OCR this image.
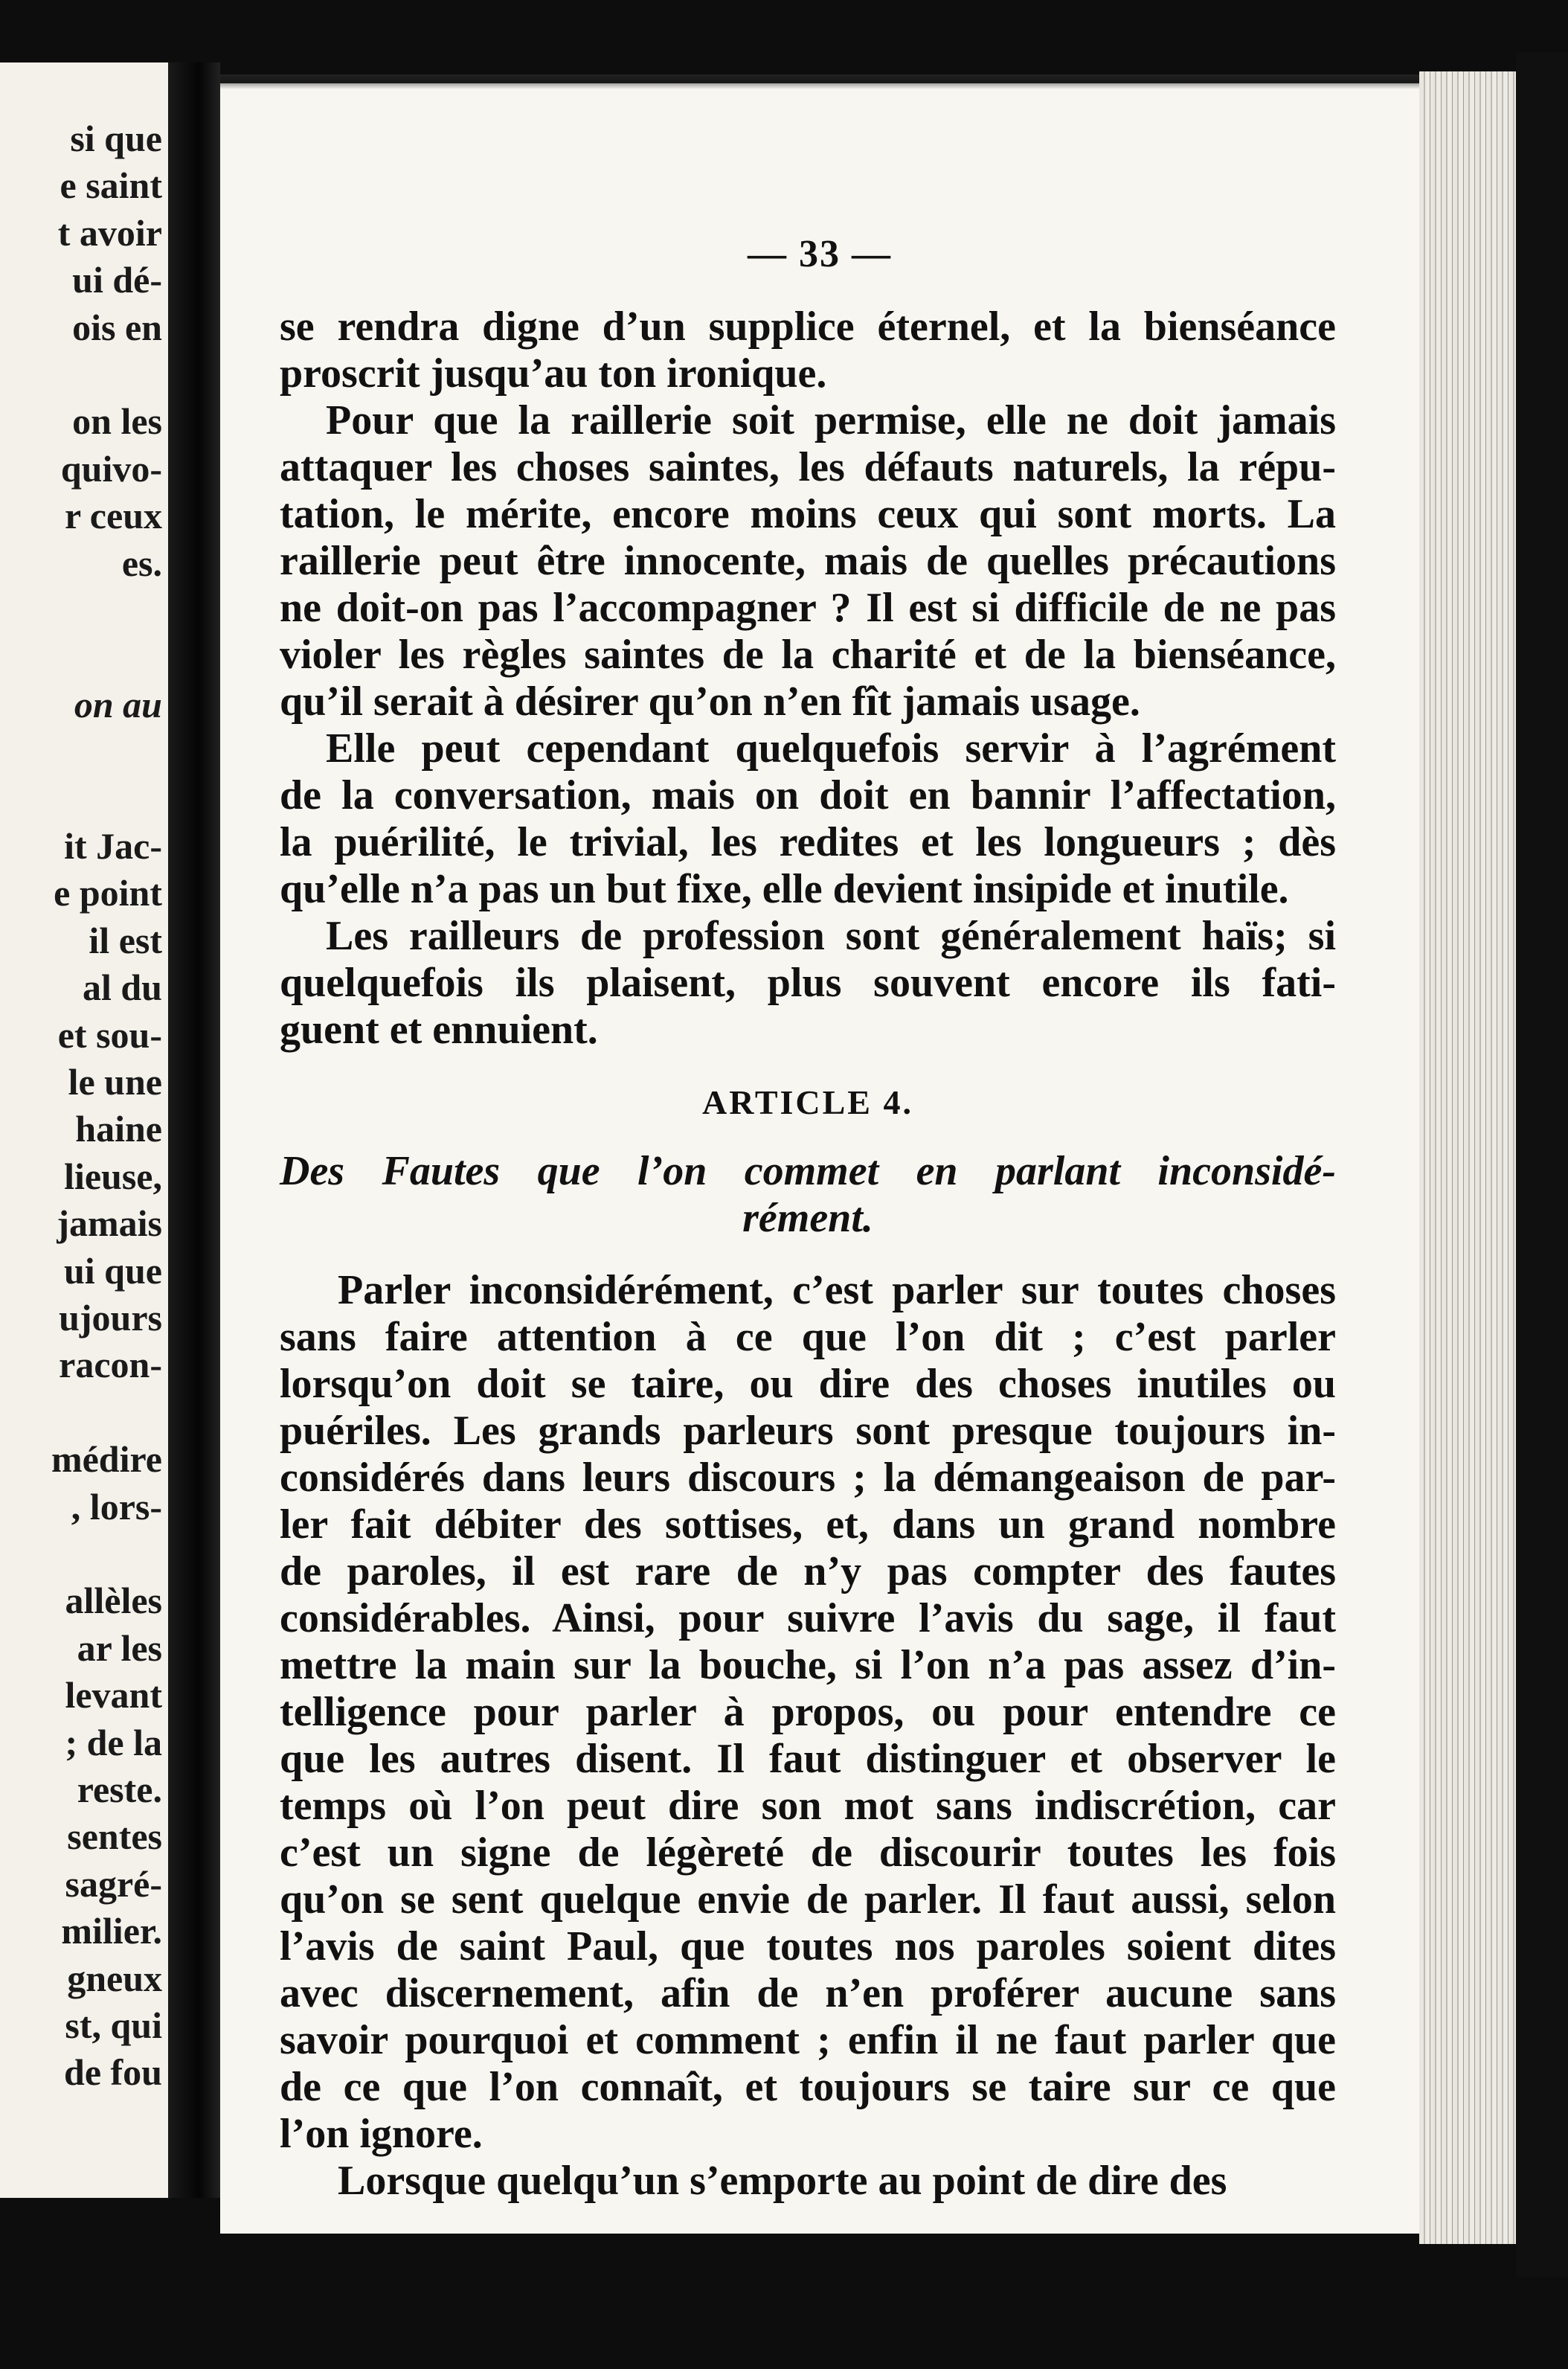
si que
e saint
t avoir
ui dé-
ois en
on les
quivo-
r ceux
es.
on au
it Jac-
e point
il est
al du
et sou-
le une
haine
lieuse,
jamais
ui que
ujours
racon-
médire
, lors-
allèles
ar les
levant
; de la
reste.
sentes
sagré-
milier.
gneux
st, qui
de fou
— 33 —
se rendra digne d’un supplice éternel, et la bienséance
proscrit jusqu’au ton ironique.
Pour que la raillerie soit permise, elle ne doit jamais
attaquer les choses saintes, les défauts naturels, la répu-
tation, le mérite, encore moins ceux qui sont morts. La
raillerie peut être innocente, mais de quelles précautions
ne doit-on pas l’accompagner ? Il est si difficile de ne pas
violer les règles saintes de la charité et de la bienséance,
qu’il serait à désirer qu’on n’en fît jamais usage.
Elle peut cependant quelquefois servir à l’agrément
de la conversation, mais on doit en bannir l’affectation,
la puérilité, le trivial, les redites et les longueurs ; dès
qu’elle n’a pas un but fixe, elle devient insipide et inutile.
Les railleurs de profession sont généralement haïs; si
quelquefois ils plaisent, plus souvent encore ils fati-
guent et ennuient.
ARTICLE 4.
Des Fautes que l’on commet en parlant inconsidé-
rément.
Parler inconsidérément, c’est parler sur toutes choses
sans faire attention à ce que l’on dit ; c’est parler
lorsqu’on doit se taire, ou dire des choses inutiles ou
puériles. Les grands parleurs sont presque toujours in-
considérés dans leurs discours ; la démangeaison de par-
ler fait débiter des sottises, et, dans un grand nombre
de paroles, il est rare de n’y pas compter des fautes
considérables. Ainsi, pour suivre l’avis du sage, il faut
mettre la main sur la bouche, si l’on n’a pas assez d’in-
telligence pour parler à propos, ou pour entendre ce
que les autres disent. Il faut distinguer et observer le
temps où l’on peut dire son mot sans indiscrétion, car
c’est un signe de légèreté de discourir toutes les fois
qu’on se sent quelque envie de parler. Il faut aussi, selon
l’avis de saint Paul, que toutes nos paroles soient dites
avec discernement, afin de n’en proférer aucune sans
savoir pourquoi et comment ; enfin il ne faut parler que
de ce que l’on connaît, et toujours se taire sur ce que
l’on ignore.
Lorsque quelqu’un s’emporte au point de dire des
